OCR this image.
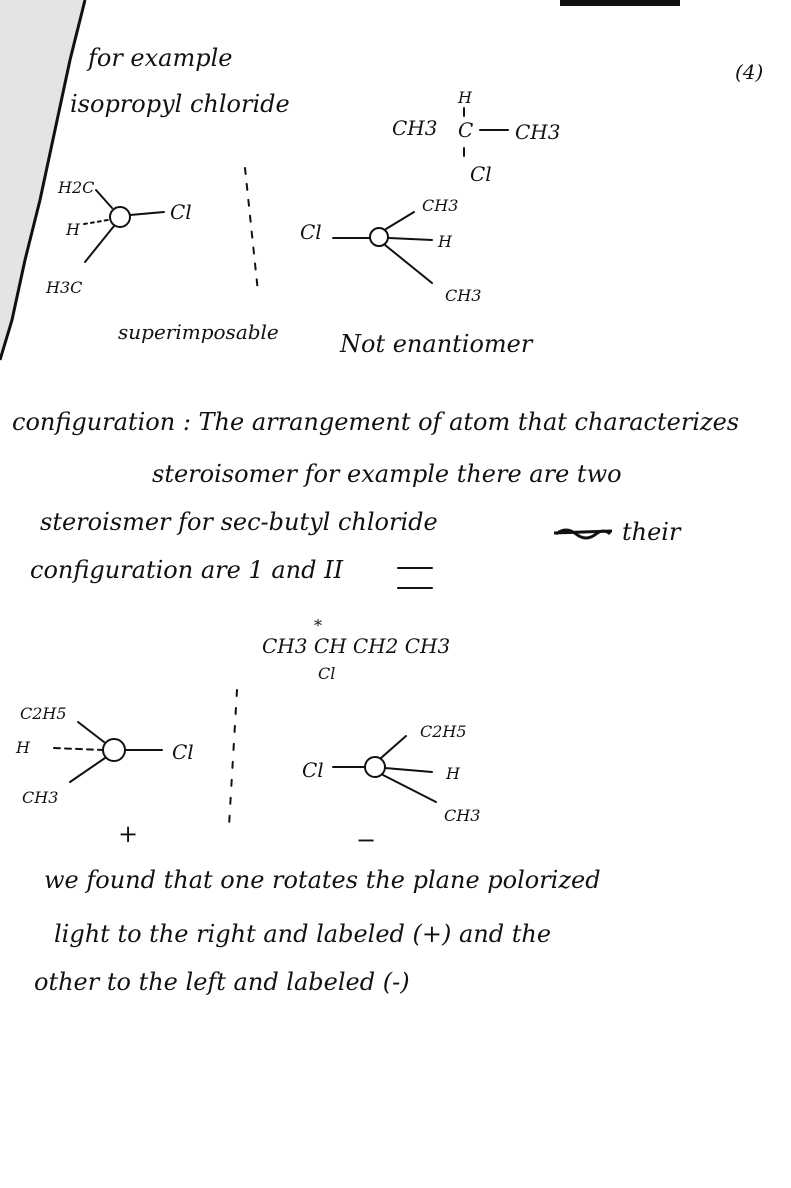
(4)
for example
isopropyl chloride	H
CH3 C CH3
Cl
H2C
H
H3C
Cl
Cl
CH3
H
CH3
superimposable	Not enantiomer
configuration : The arrangement of atom that characterizes
steroisomer for example there are two
steroismer for sec-butyl chloride	their
configuration are 1 and II
*
CH3 CH CH2 CH3
Cl
C2H5
H
CH3
Cl
+
Cl
C2H5
H
CH3
−
we found that one rotates the plane polorized
light to the right and labeled (+) and the
other to the left and labeled (-)
